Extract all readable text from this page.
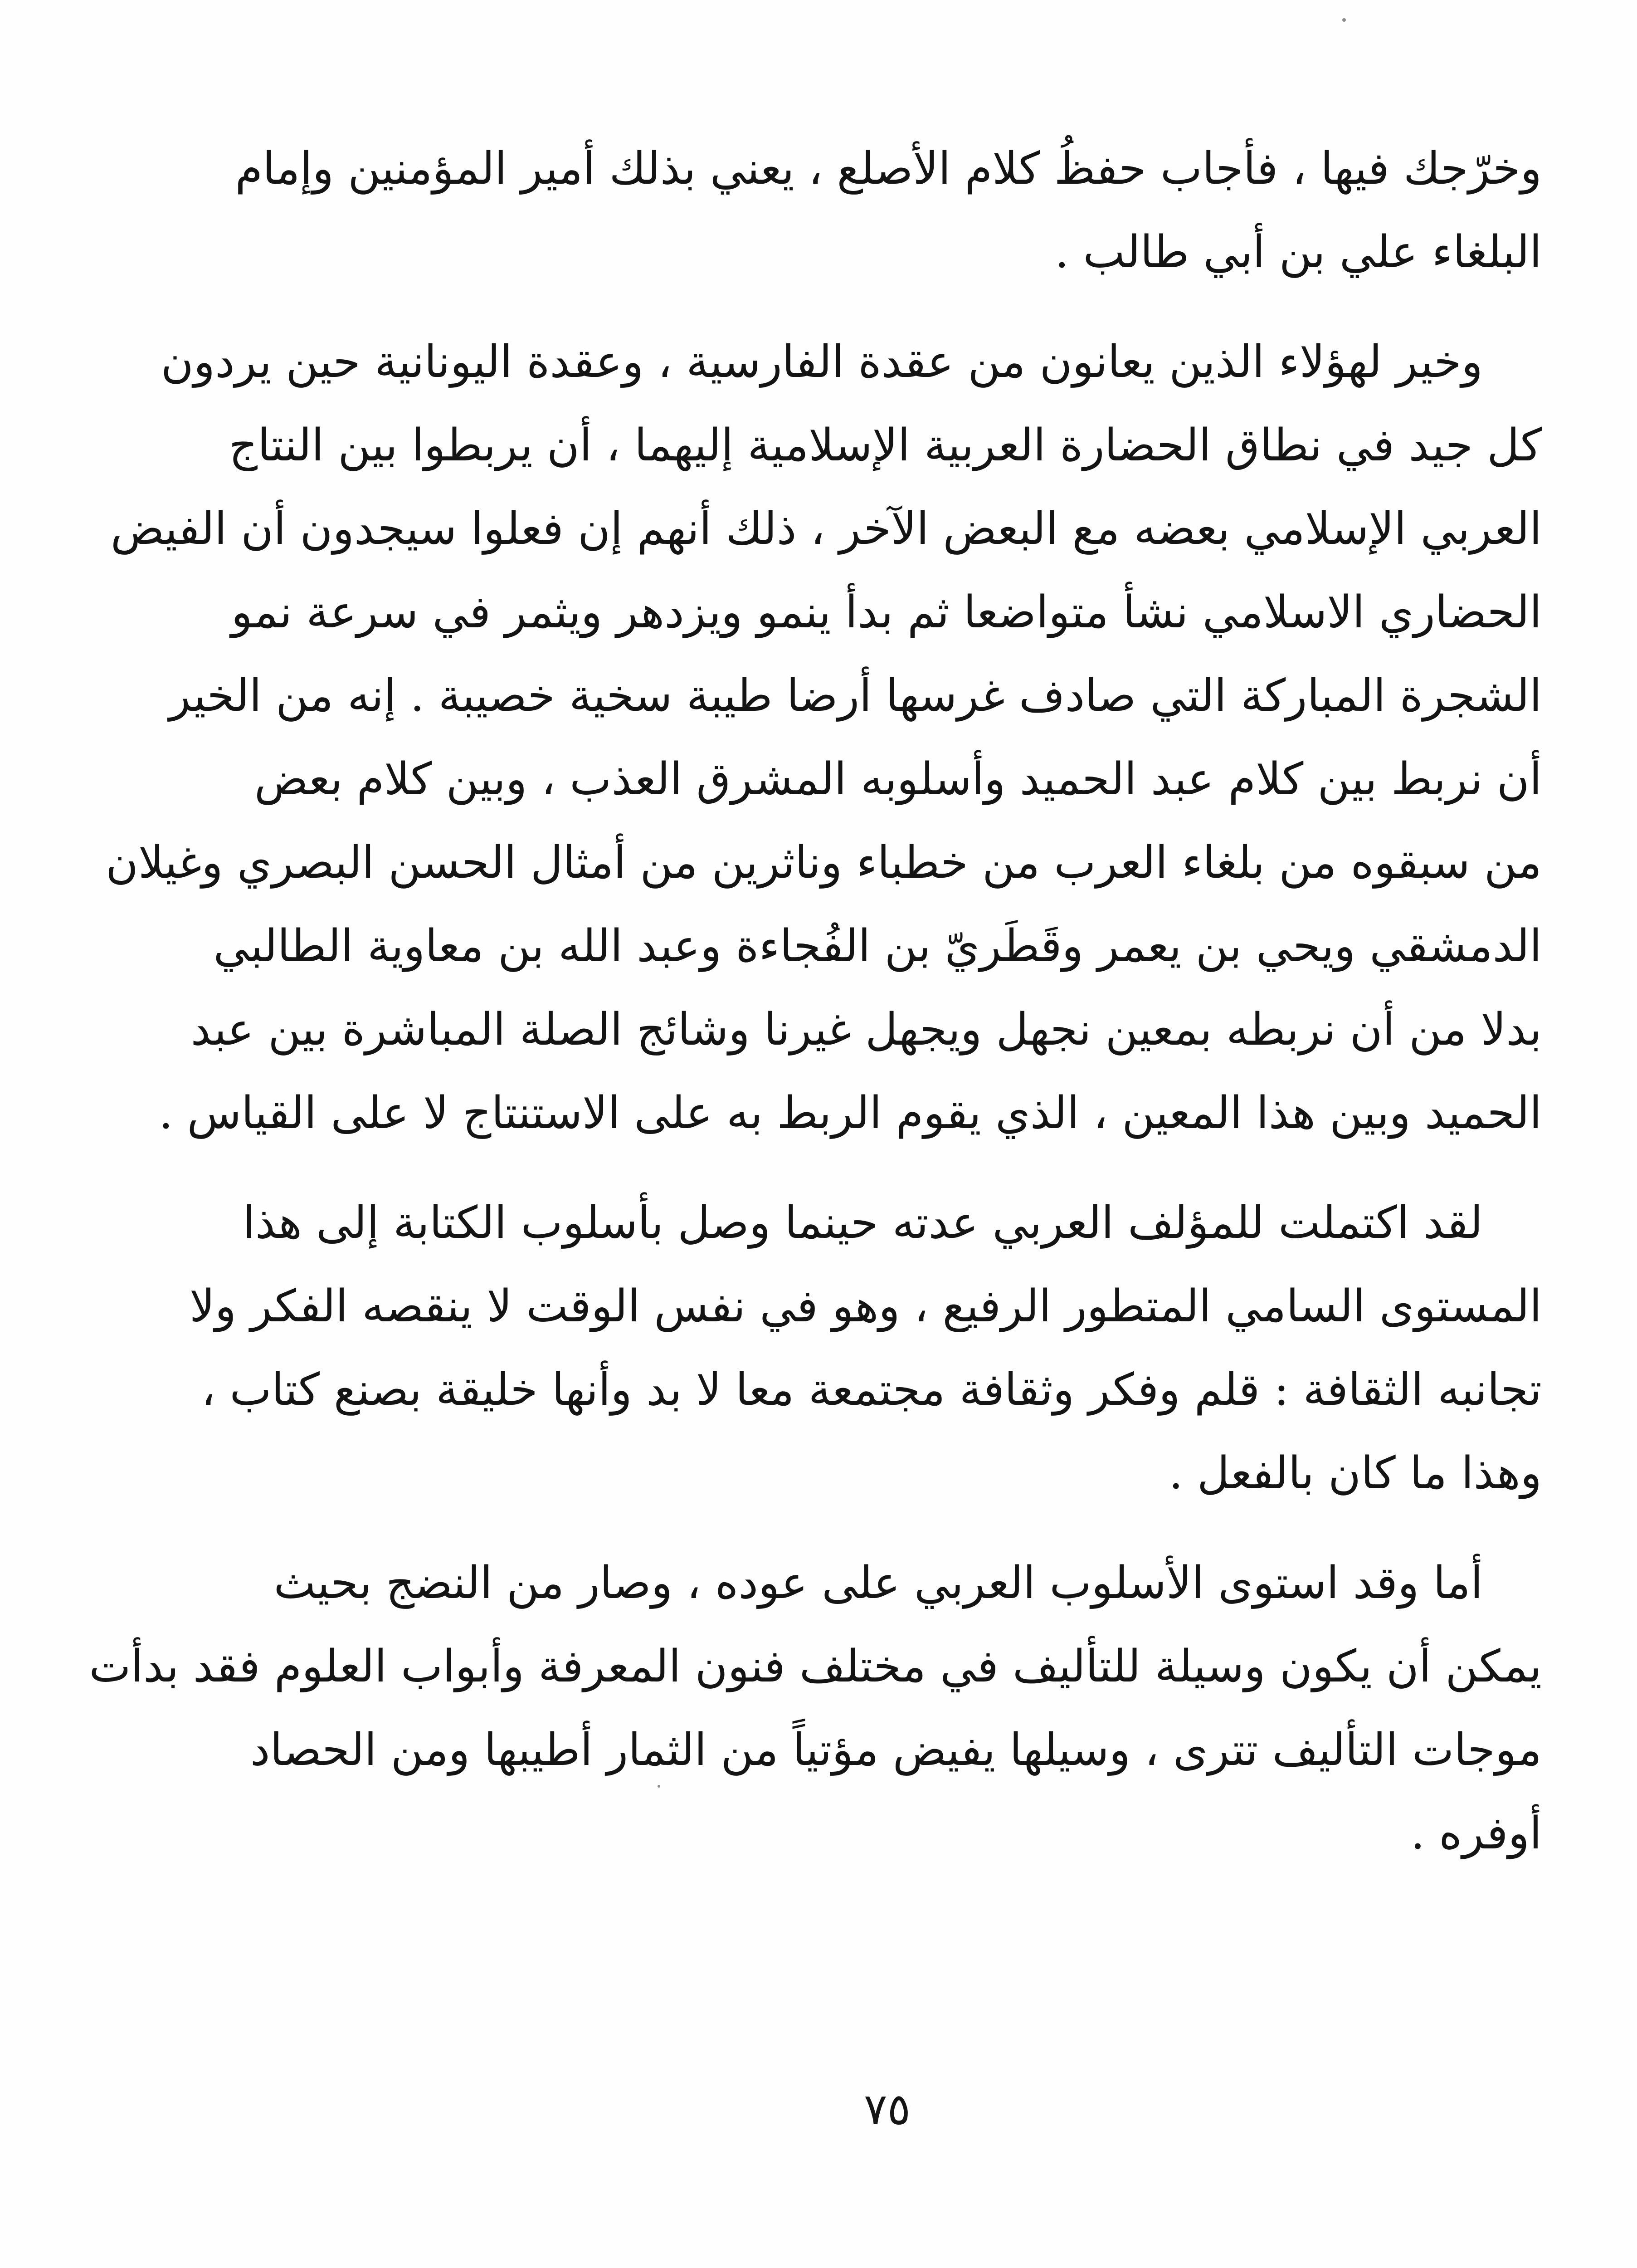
وخرّجك فيها ، فأجاب حفظُ كلام الأصلع ، يعني بذلك أمير المؤمنين وإمام
البلغاء علي بن أبي طالب .
وخير لهؤلاء الذين يعانون من عقدة الفارسية ، وعقدة اليونانية حين يردون
كل جيد في نطاق الحضارة العربية الإسلامية إليهما ، أن يربطوا بين النتاج
العربي الإسلامي بعضه مع البعض الآخر ، ذلك أنهم إن فعلوا سيجدون أن الفيض
الحضاري الاسلامي نشأ متواضعا ثم بدأ ينمو ويزدهر ويثمر في سرعة نمو
الشجرة المباركة التي صادف غرسها أرضا طيبة سخية خصيبة . إنه من الخير
أن نربط بين كلام عبد الحميد وأسلوبه المشرق العذب ، وبين كلام بعض
من سبقوه من بلغاء العرب من خطباء وناثرين من أمثال الحسن البصري وغيلان
الدمشقي ويحي بن يعمر وقَطَريّ بن الفُجاءة وعبد الله بن معاوية الطالبي
بدلا من أن نربطه بمعين نجهل ويجهل غيرنا وشائج الصلة المباشرة بين عبد
الحميد وبين هذا المعين ، الذي يقوم الربط به على الاستنتاج لا على القياس .
لقد اكتملت للمؤلف العربي عدته حينما وصل بأسلوب الكتابة إلى هذا
المستوى السامي المتطور الرفيع ، وهو في نفس الوقت لا ينقصه الفكر ولا
تجانبه الثقافة : قلم وفكر وثقافة مجتمعة معا لا بد وأنها خليقة بصنع كتاب ،
وهذا ما كان بالفعل .
أما وقد استوى الأسلوب العربي على عوده ، وصار من النضج بحيث
يمكن أن يكون وسيلة للتأليف في مختلف فنون المعرفة وأبواب العلوم فقد بدأت
موجات التأليف تترى ، وسيلها يفيض مؤتياً من الثمار أطيبها ومن الحصاد
أوفره .
٧٥
